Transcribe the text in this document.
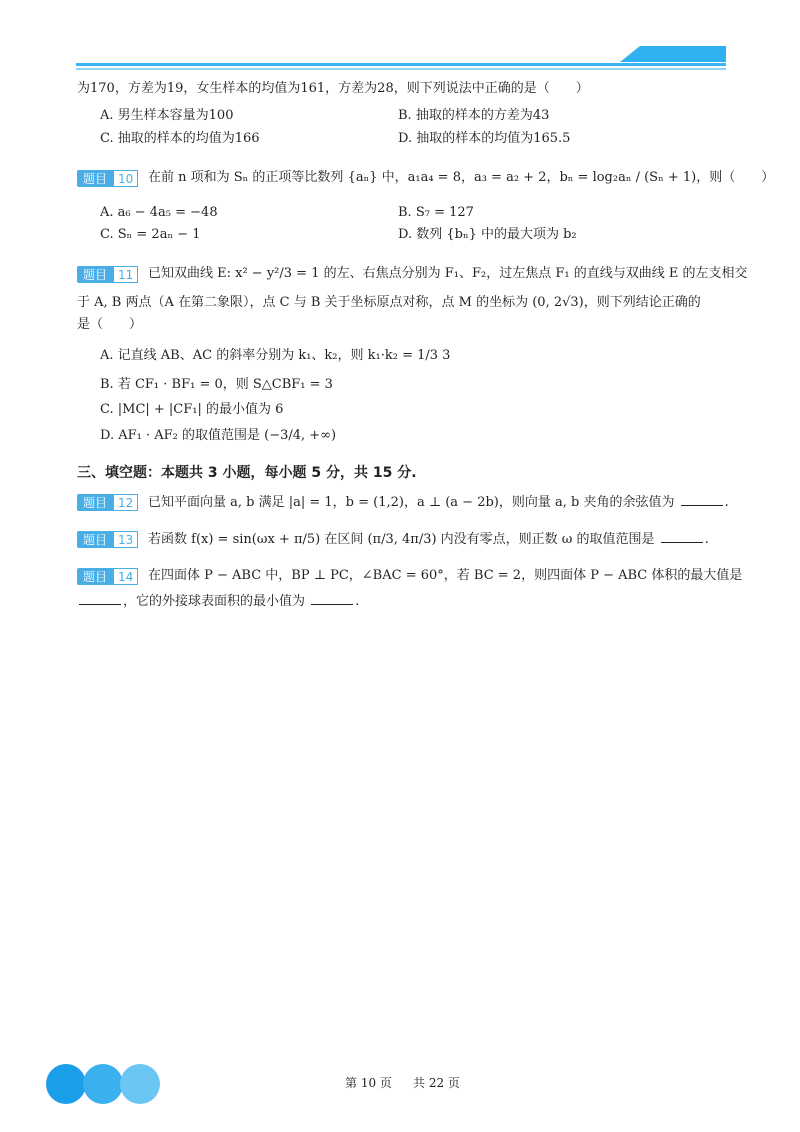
为170，方差为19，女生样本的均值为161，方差为28，则下列说法中正确的是（　　）
A. 男生样本容量为100	B. 抽取的样本的方差为43
C. 抽取的样本的均值为166	D. 抽取的样本的均值为165.5
题目 10	在前 n 项和为 Sₙ 的正项等比数列 {aₙ} 中，a₁a₄ = 8，a₃ = a₂ + 2，bₙ = log₂aₙ / (Sₙ + 1)，则（　　）
A. a₆ − 4a₅ = −48	B. S₇ = 127
C. Sₙ = 2aₙ − 1	D. 数列 {bₙ} 中的最大项为 b₂
题目 11	已知双曲线 E: x² − y²/3 = 1 的左、右焦点分别为 F₁、F₂，过左焦点 F₁ 的直线与双曲线 E 的左支相交
于 A, B 两点（A 在第二象限），点 C 与 B 关于坐标原点对称，点 M 的坐标为 (0, 2√3)，则下列结论正确的
是（　　）
A. 记直线 AB、AC 的斜率分别为 k₁、k₂，则 k₁·k₂ = 1/3 3
B. 若 CF₁ · BF₁ = 0，则 S△CBF₁ = 3
C. |MC| + |CF₁| 的最小值为 6
D. AF₁ · AF₂ 的取值范围是 (−3/4, +∞)
三、填空题：本题共 3 小题，每小题 5 分，共 15 分.
题目 12	已知平面向量 a, b 满足 |a| = 1，b = (1,2)，a ⊥ (a − 2b)，则向量 a, b 夹角的余弦值为	.
题目 13	若函数 f(x) = sin(ωx + π/5) 在区间 (π/3, 4π/3) 内没有零点，则正数 ω 的取值范围是	.
题目 14	在四面体 P − ABC 中，BP ⊥ PC，∠BAC = 60°，若 BC = 2，则四面体 P − ABC 体积的最大值是
，它的外接球表面积的最小值为	.
第 10 页 共 22 页
